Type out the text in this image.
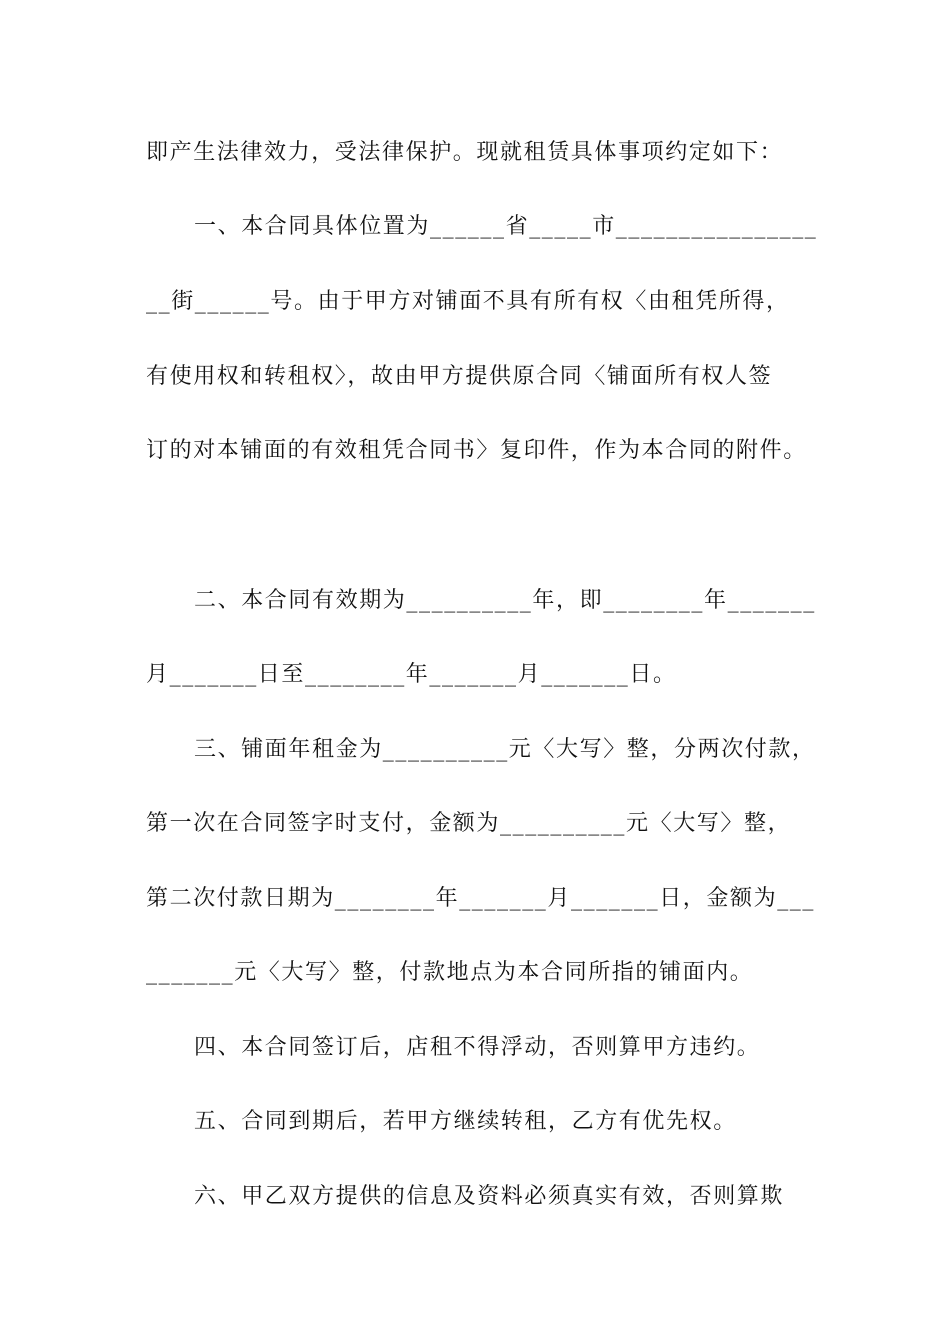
即产生法律效力，受法律保护。现就租赁具体事项约定如下：
一、本合同具体位置为______省_____市________________
__街______号。由于甲方对铺面不具有所有权〈由租凭所得，
有使用权和转租权〉，故由甲方提供原合同〈铺面所有权人签
订的对本铺面的有效租凭合同书〉复印件，作为本合同的附件。
二、本合同有效期为__________年，即________年_______
月_______日至________年_______月_______日。
三、铺面年租金为__________元〈大写〉整，分两次付款，
第一次在合同签字时支付，金额为__________元〈大写〉整，
第二次付款日期为________年_______月_______日，金额为___
_______元〈大写〉整，付款地点为本合同所指的铺面内。
四、本合同签订后，店租不得浮动，否则算甲方违约。
五、合同到期后，若甲方继续转租，乙方有优先权。
六、甲乙双方提供的信息及资料必须真实有效，否则算欺
